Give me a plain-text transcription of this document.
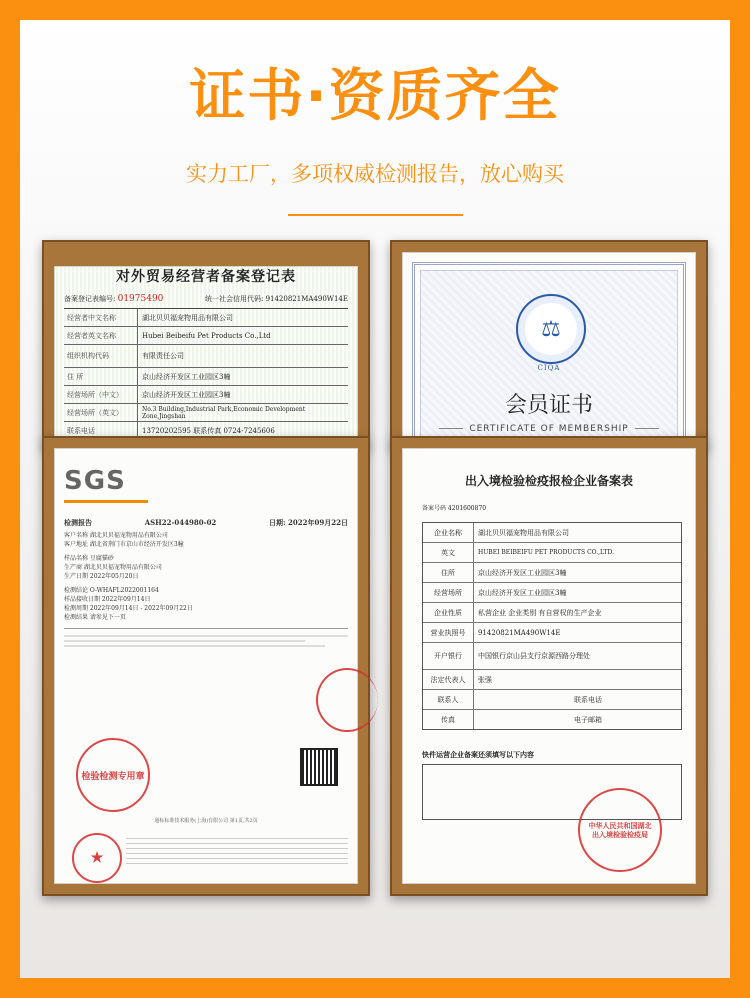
证书·资质齐全
实力工厂，多项权威检测报告，放心购买
对外贸易经营者备案登记表
备案登记表编号: 01975490	统一社会信用代码: 91420821MA490W14E
经营者中文名称	湖北贝贝福宠物用品有限公司
经营者英文名称	Hubei Beibeifu Pet Products Co.,Ltd
组织机构代码	有限责任公司
住 所	京山经济开发区工业园区3幢
经营场所（中文）	京山经济开发区工业园区3幢
经营场所（英文）	No.3 Building,Industrial Park,Economic Development Zone,Jingshan
联系电话	13720202595 联系传真 0724-7245606
⚖
CIQA
会员证书
CERTIFICATE OF MEMBERSHIP
SGS
检测报告	ASH22-044980-02	日期: 2022年09月22日
客户名称 湖北贝贝福宠物用品有限公司
客户地址 湖北省荆门市京山市经济开发区3幢
样品名称 豆腐猫砂
生产商 湖北贝贝福宠物用品有限公司
生产日期 2022年05月20日
检测结论 O-WHAFL2022001164
样品接收日期 2022年09月14日
检测周期 2022年09月14日 - 2022年09月22日
检测结果 请参见下一页
检验检测专用章
★
通标标准技术服务(上海)有限公司 第1页,共2页
出入境检验检疫报检企业备案表
备案号码 4201600870
企业名称	湖北贝贝福宠物用品有限公司
英文	HUBEI BEIBEIFU PET PRODUCTS CO.,LTD.
住所	京山经济开发区工业园区3幢
经营场所	京山经济开发区工业园区3幢
企业性质	私营企业 企业类别 有自营权的生产企业
营业执照号	91420821MA490W14E
开户银行	中国银行京山县支行京源西路分理处
法定代表人	张强
联系人	联系电话
传真	电子邮箱
快件运营企业备案还须填写以下内容
中华人民共和国湖北出入境检验检疫局
